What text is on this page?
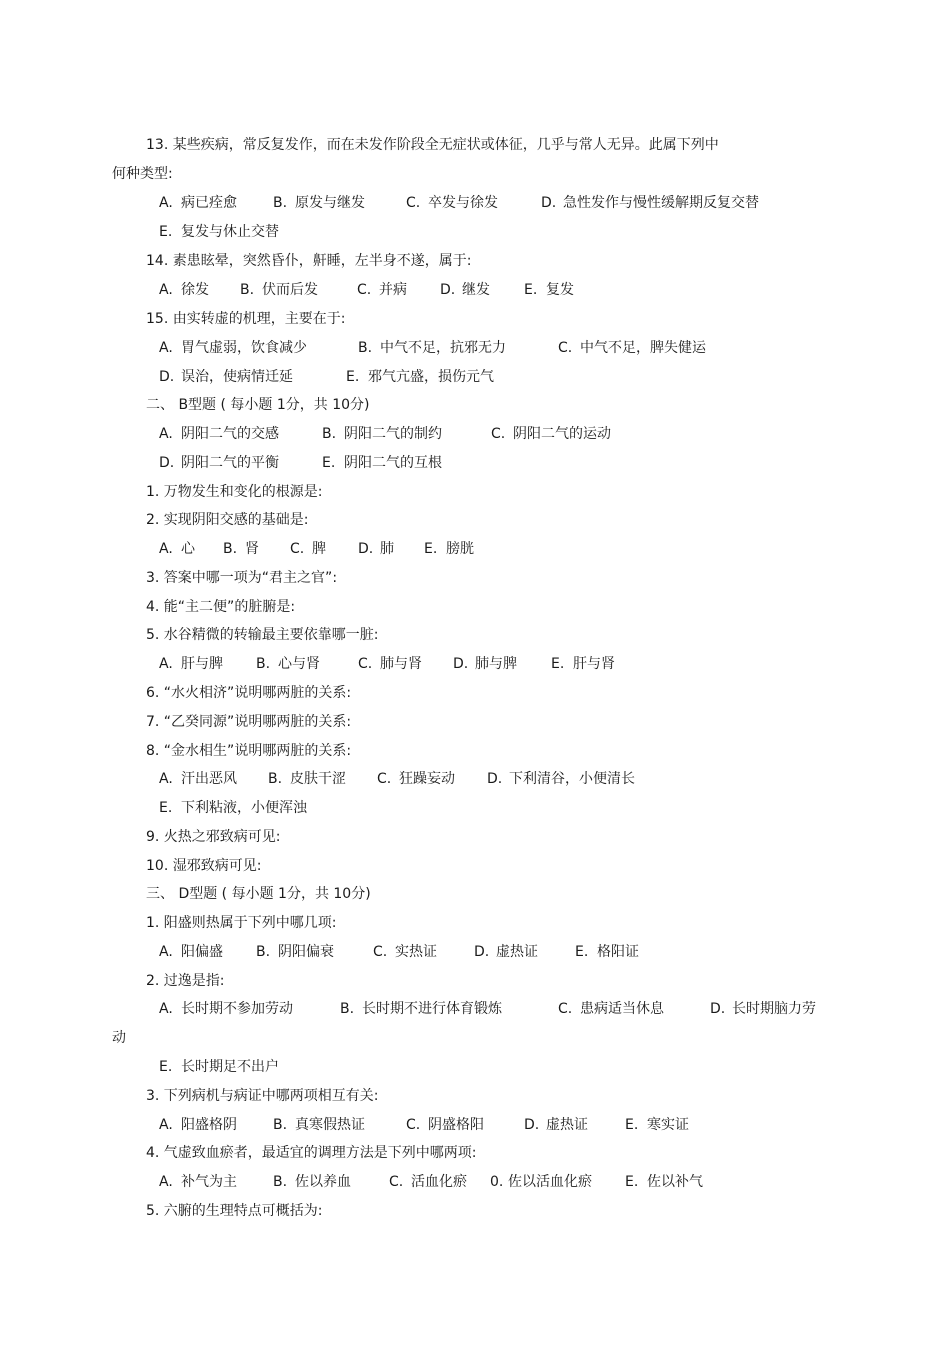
13. 某些疾病，常反复发作，而在未发作阶段全无症状或体征，几乎与常人无异。此属下列中
何种类型:
A. 病已痊愈	B. 原发与继发	C. 卒发与徐发	D. 急性发作与慢性缓解期反复交替
E. 复发与休止交替
14. 素患眩晕，突然昏仆，鼾睡，左半身不遂，属于:
A. 徐发 B. 伏而后发	C. 并病 D. 继发 E. 复发
15. 由实转虚的机理，主要在于:
A. 胃气虚弱，饮食减少	B. 中气不足，抗邪无力	C. 中气不足，脾失健运
D. 误治，使病情迁延	E. 邪气亢盛，损伤元气
二、 B型题 ( 每小题 1分，共 10分)
A. 阴阳二气的交感	B. 阴阳二气的制约	C. 阴阳二气的运动
D. 阴阳二气的平衡	E. 阴阳二气的互根
1. 万物发生和变化的根源是:
2. 实现阴阳交感的基础是:
A. 心 B. 肾 C. 脾 D. 肺 E. 膀胱
3. 答案中哪一项为“君主之官”:
4. 能“主二便”的脏腑是:
5. 水谷精微的转输最主要依靠哪一脏:
A. 肝与脾 B. 心与肾	C. 肺与肾 D. 肺与脾 E. 肝与肾
6. “水火相济”说明哪两脏的关系:
7. “乙癸同源”说明哪两脏的关系:
8. “金水相生”说明哪两脏的关系:
A. 汗出恶风 B. 皮肤干涩 C. 狂躁妄动 D. 下利清谷，小便清长
E. 下利粘液，小便浑浊
9. 火热之邪致病可见:
10. 湿邪致病可见:
三、 D型题 ( 每小题 1分，共 10分)
1. 阳盛则热属于下列中哪几项:
A. 阳偏盛 B. 阴阳偏衰	C. 实热证	D. 虚热证	E. 格阳证
2. 过逸是指:
A. 长时期不参加劳动	B. 长时期不进行体育锻炼	C. 患病适当休息	D. 长时期脑力劳
动
E. 长时期足不出户
3. 下列病机与病证中哪两项相互有关:
A. 阳盛格阴	B. 真寒假热证	C. 阴盛格阳	D. 虚热证	E. 寒实证
4. 气虚致血瘀者，最适宜的调理方法是下列中哪两项:
A. 补气为主	B. 佐以养血	C. 活血化瘀 0. 佐以活血化瘀 E. 佐以补气
5. 六腑的生理特点可概括为:
